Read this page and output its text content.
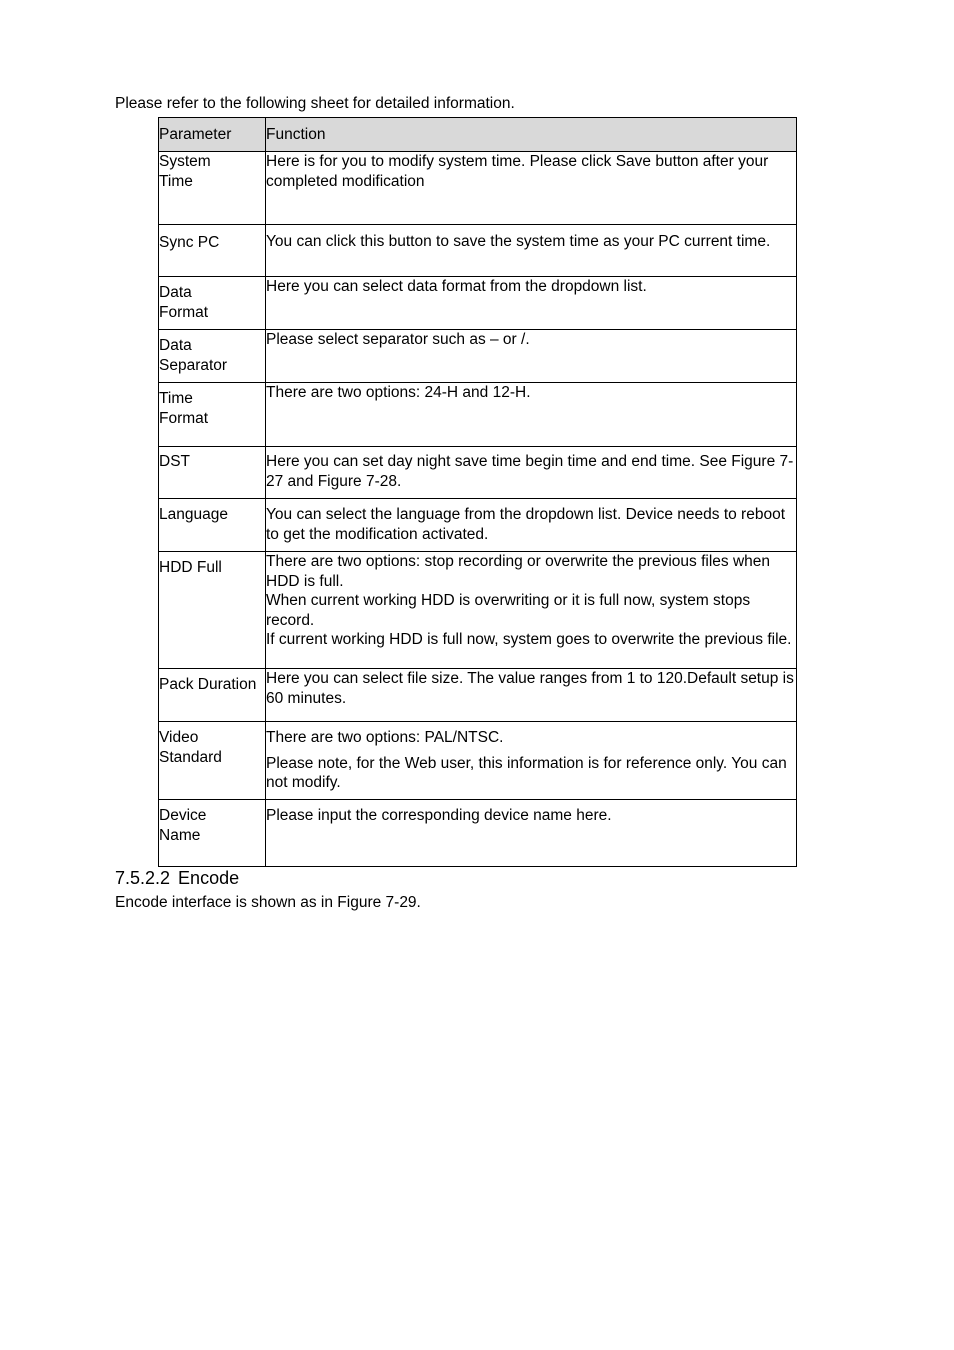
Please refer to the following sheet for detailed information.
Parameter	Function
System Time	Here is for you to modify system time. Please click Save button after your completed modification

Sync PC	You can click this button to save the system time as your PC current time.

Data Format	Here you can select data format from the dropdown list.

Data Separator	Please select separator such as – or /.

Time Format	There are two options: 24-H and 12-H.

DST	Here you can set day night save time begin time and end time. See Figure 7-27 and Figure 7-28.

Language	You can select the language from the dropdown list. Device needs to reboot to get the modification activated.

HDD Full	There are two options: stop recording or overwrite the previous files when HDD is full.

When current working HDD is overwriting or it is full now, system stops record.

If current working HDD is full now, system goes to overwrite the previous file.

Pack Duration	Here you can select file size. The value ranges from 1 to 120.Default setup is 60 minutes.

Video Standard	There are two options: PAL/NTSC.

Please note, for the Web user, this information is for reference only. You can not modify.

Device Name	Please input the corresponding device name here.

7.5.2.2 Encode
Encode interface is shown as in Figure 7-29.
